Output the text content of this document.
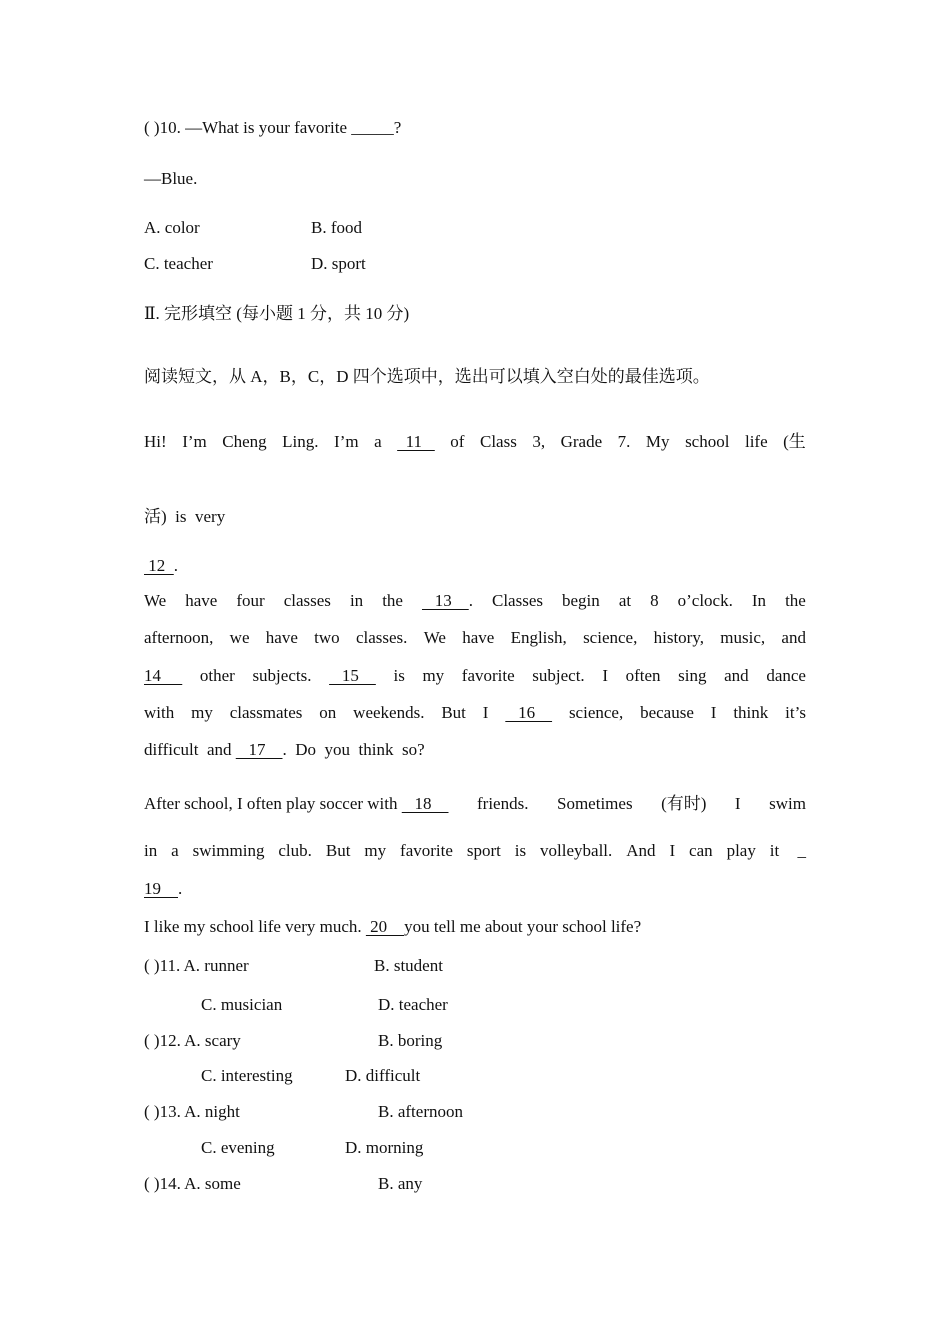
( )10. —What is your favorite _____?
—Blue.
A. color	B. food
C. teacher	D. sport
Ⅱ. 完形填空 (每小题 1 分，共 10 分)
阅读短文，从 A，B，C，D 四个选项中，选出可以填入空白处的最佳选项。
Hi! I’m Cheng Ling. I’m a 11 of Class 3, Grade 7. My school life (生
活)  is  very
12  .
We have four classes in the 13    . Classes begin at 8 o’clock. In the
afternoon, we have two classes. We have English, science, history, music, and
14 other subjects. 15 is my favorite subject. I often sing and dance
with my classmates on weekends. But I 16 science, because I think it’s
difficult  and    17    .  Do  you  think  so?
After school, I often play soccer with    18 friends. Sometimes (有时) I swim
in a swimming club. But my favorite sport is volleyball. And I can play it _
19    .
I like my school life very much.  20    you tell me about your school life?
( )11. A. runner	B. student
C. musician	D. teacher
( )12. A. scary	B. boring
C. interesting	D. difficult
( )13. A. night	B. afternoon
C. evening	D. morning
( )14. A. some	B. any
